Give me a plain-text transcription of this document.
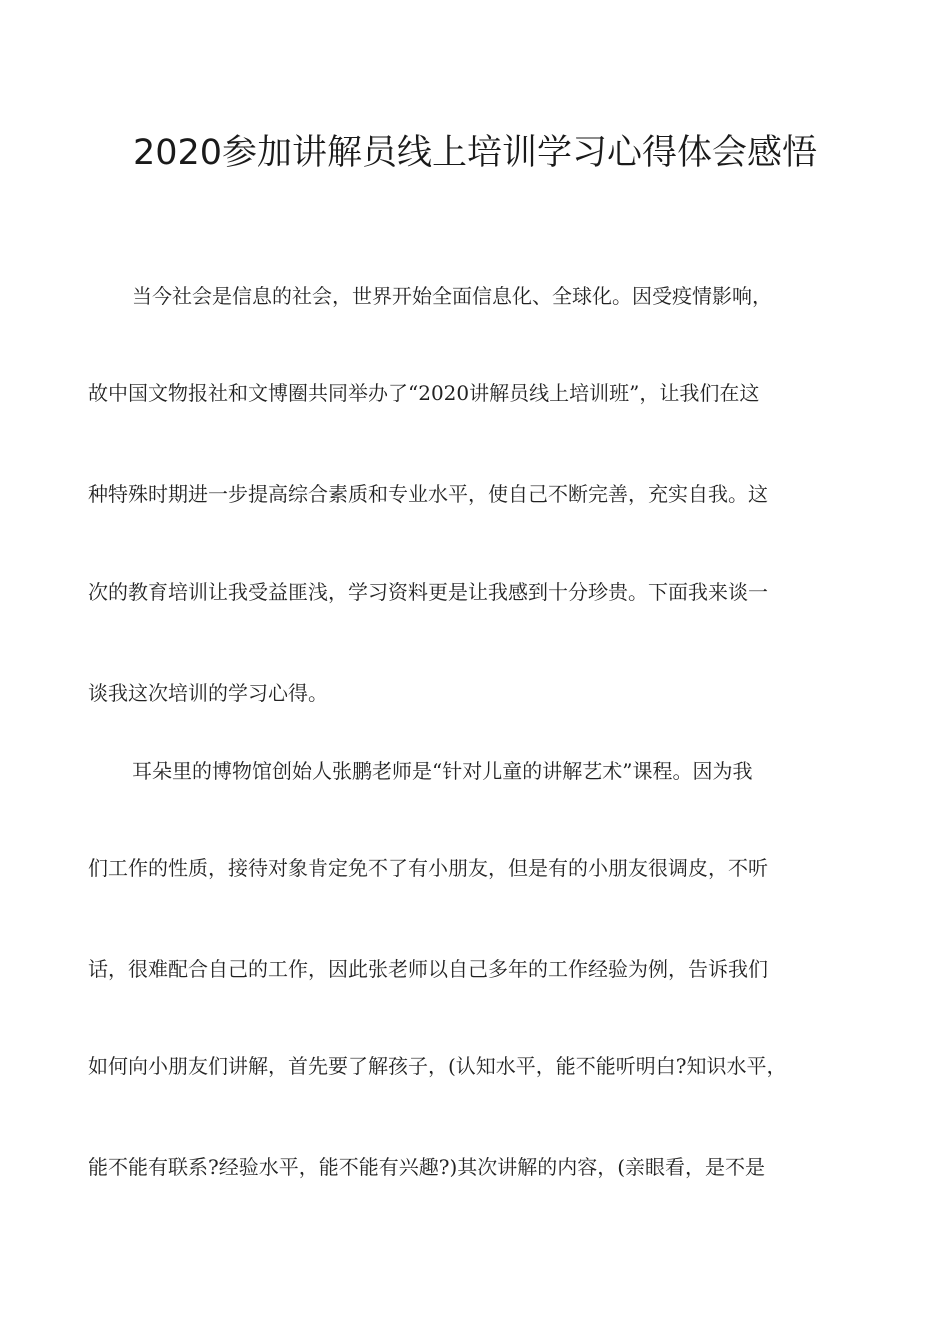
2020参加讲解员线上培训学习心得体会感悟
当今社会是信息的社会，世界开始全面信息化、全球化。因受疫情影响，
故中国文物报社和文博圈共同举办了“2020讲解员线上培训班”，让我们在这
种特殊时期进一步提高综合素质和专业水平，使自己不断完善，充实自我。这
次的教育培训让我受益匪浅，学习资料更是让我感到十分珍贵。下面我来谈一
谈我这次培训的学习心得。
耳朵里的博物馆创始人张鹏老师是“针对儿童的讲解艺术”课程。因为我
们工作的性质，接待对象肯定免不了有小朋友，但是有的小朋友很调皮，不听
话，很难配合自己的工作，因此张老师以自己多年的工作经验为例，告诉我们
如何向小朋友们讲解，首先要了解孩子，(认知水平，能不能听明白?知识水平，
能不能有联系?经验水平，能不能有兴趣?)其次讲解的内容，(亲眼看，是不是
